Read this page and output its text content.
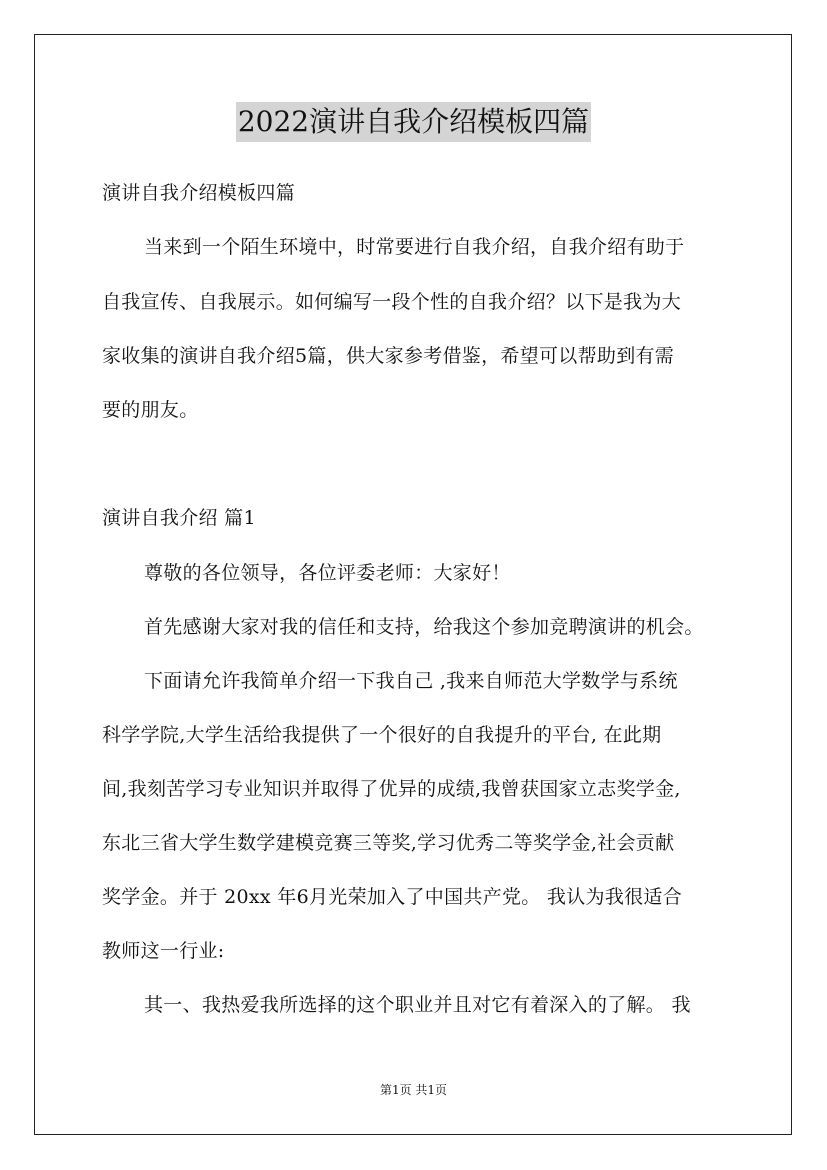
2022演讲自我介绍模板四篇
演讲自我介绍模板四篇
当来到一个陌生环境中，时常要进行自我介绍，自我介绍有助于
自我宣传、自我展示。如何编写一段个性的自我介绍？以下是我为大
家收集的演讲自我介绍5篇，供大家参考借鉴，希望可以帮助到有需
要的朋友。
演讲自我介绍 篇1
尊敬的各位领导，各位评委老师：大家好！
首先感谢大家对我的信任和支持，给我这个参加竞聘演讲的机会。
下面请允许我简单介绍一下我自己 ,我来自师范大学数学与系统
科学学院,大学生活给我提供了一个很好的自我提升的平台, 在此期
间,我刻苦学习专业知识并取得了优异的成绩,我曾获国家立志奖学金,
东北三省大学生数学建模竞赛三等奖,学习优秀二等奖学金,社会贡献
奖学金。并于 20xx 年6月光荣加入了中国共产党。 我认为我很适合
教师这一行业:
其一、我热爱我所选择的这个职业并且对它有着深入的了解。 我
第1页 共1页
